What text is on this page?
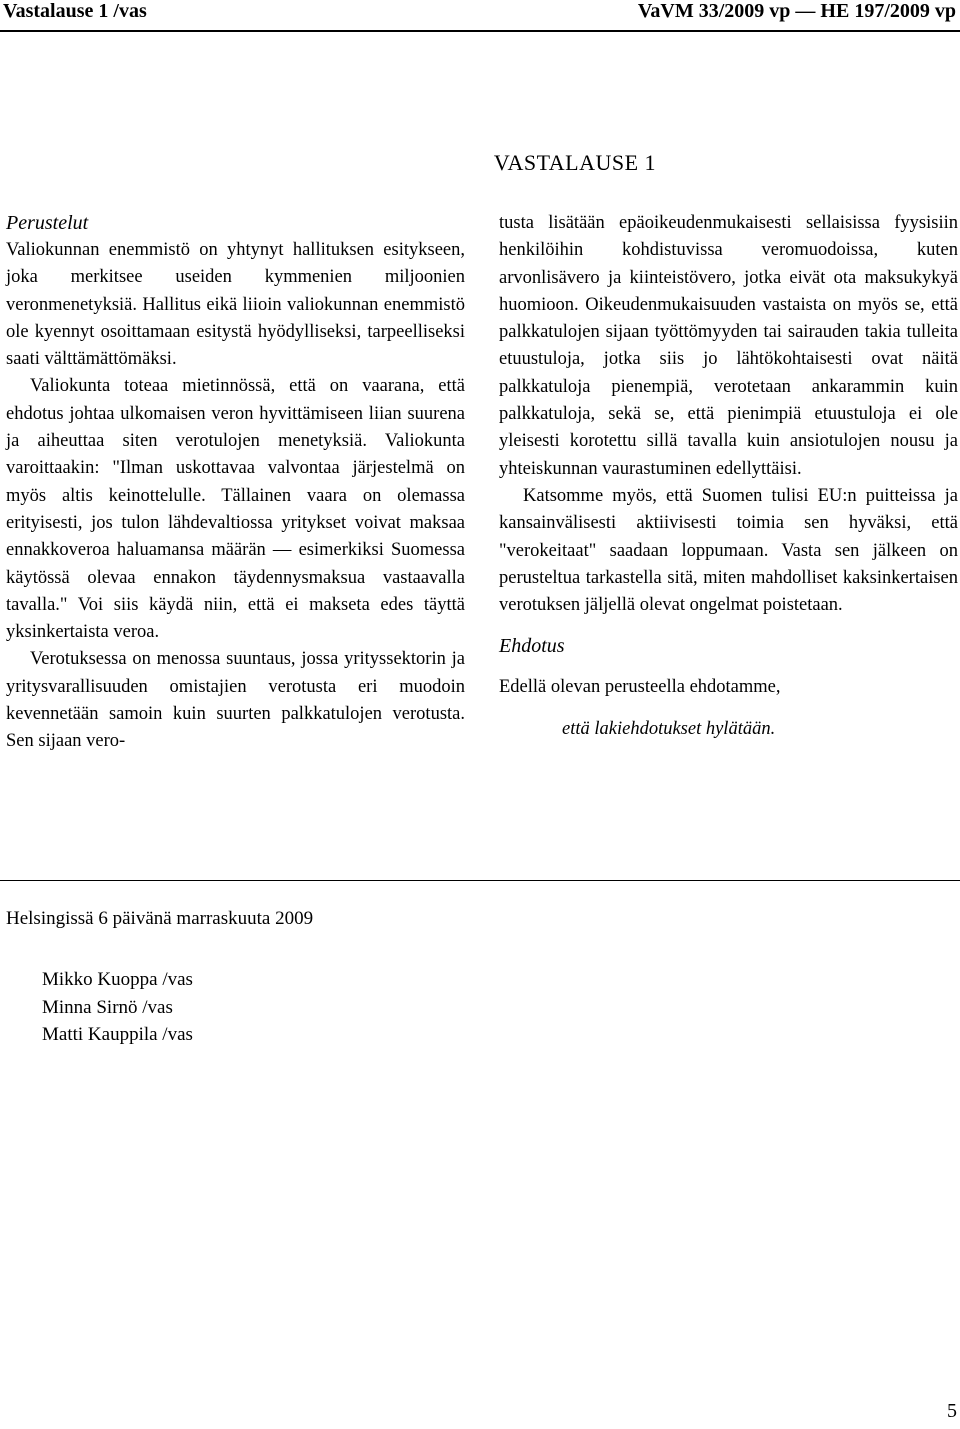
Vastalause 1 /vas	VaVM 33/2009 vp — HE 197/2009 vp
VASTALAUSE 1

Perustelut

Valiokunnan enemmistö on yhtynyt hallituksen esitykseen, joka merkitsee useiden kymmenien miljoonien veronmenetyksiä. Hallitus eikä liioin valiokunnan enemmistö ole kyennyt osoittamaan esitystä hyödylliseksi, tarpeelliseksi saati välttämättömäksi.

Valiokunta toteaa mietinnössä, että on vaarana, että ehdotus johtaa ulkomaisen veron hyvittämiseen liian suurena ja aiheuttaa siten verotulojen menetyksiä. Valiokunta varoittaakin: "Ilman uskottavaa valvontaa järjestelmä on myös altis keinottelulle. Tällainen vaara on olemassa erityisesti, jos tulon lähdevaltiossa yritykset voivat maksaa ennakkoveroa haluamansa määrän — esimerkiksi Suomessa käytössä olevaa ennakon täydennysmaksua vastaavalla tavalla." Voi siis käydä niin, että ei makseta edes täyttä yksinkertaista veroa.

Verotuksessa on menossa suuntaus, jossa yrityssektorin ja yritysvarallisuuden omistajien verotusta eri muodoin kevennetään samoin kuin suurten palkkatulojen verotusta. Sen sijaan vero-

tusta lisätään epäoikeudenmukaisesti sellaisissa fyysisiin henkilöihin kohdistuvissa veromuodoissa, kuten arvonlisävero ja kiinteistövero, jotka eivät ota maksukykyä huomioon. Oikeudenmukaisuuden vastaista on myös se, että palkkatulojen sijaan työttömyyden tai sairauden takia tulleita etuustuloja, jotka siis jo lähtökohtaisesti ovat näitä palkkatuloja pienempiä, verotetaan ankarammin kuin palkkatuloja, sekä se, että pienimpiä etuustuloja ei ole yleisesti korotettu sillä tavalla kuin ansiotulojen nousu ja yhteiskunnan vaurastuminen edellyttäisi.

Katsomme myös, että Suomen tulisi EU:n puitteissa ja kansainvälisesti aktiivisesti toimia sen hyväksi, että "verokeitaat" saadaan loppumaan. Vasta sen jälkeen on perusteltua tarkastella sitä, miten mahdolliset kaksinkertaisen verotuksen jäljellä olevat ongelmat poistetaan.

Ehdotus

Edellä olevan perusteella ehdotamme,

että lakiehdotukset hylätään.

Helsingissä 6 päivänä marraskuuta 2009
Mikko Kuoppa /vas
Minna Sirnö /vas
Matti Kauppila /vas
5
